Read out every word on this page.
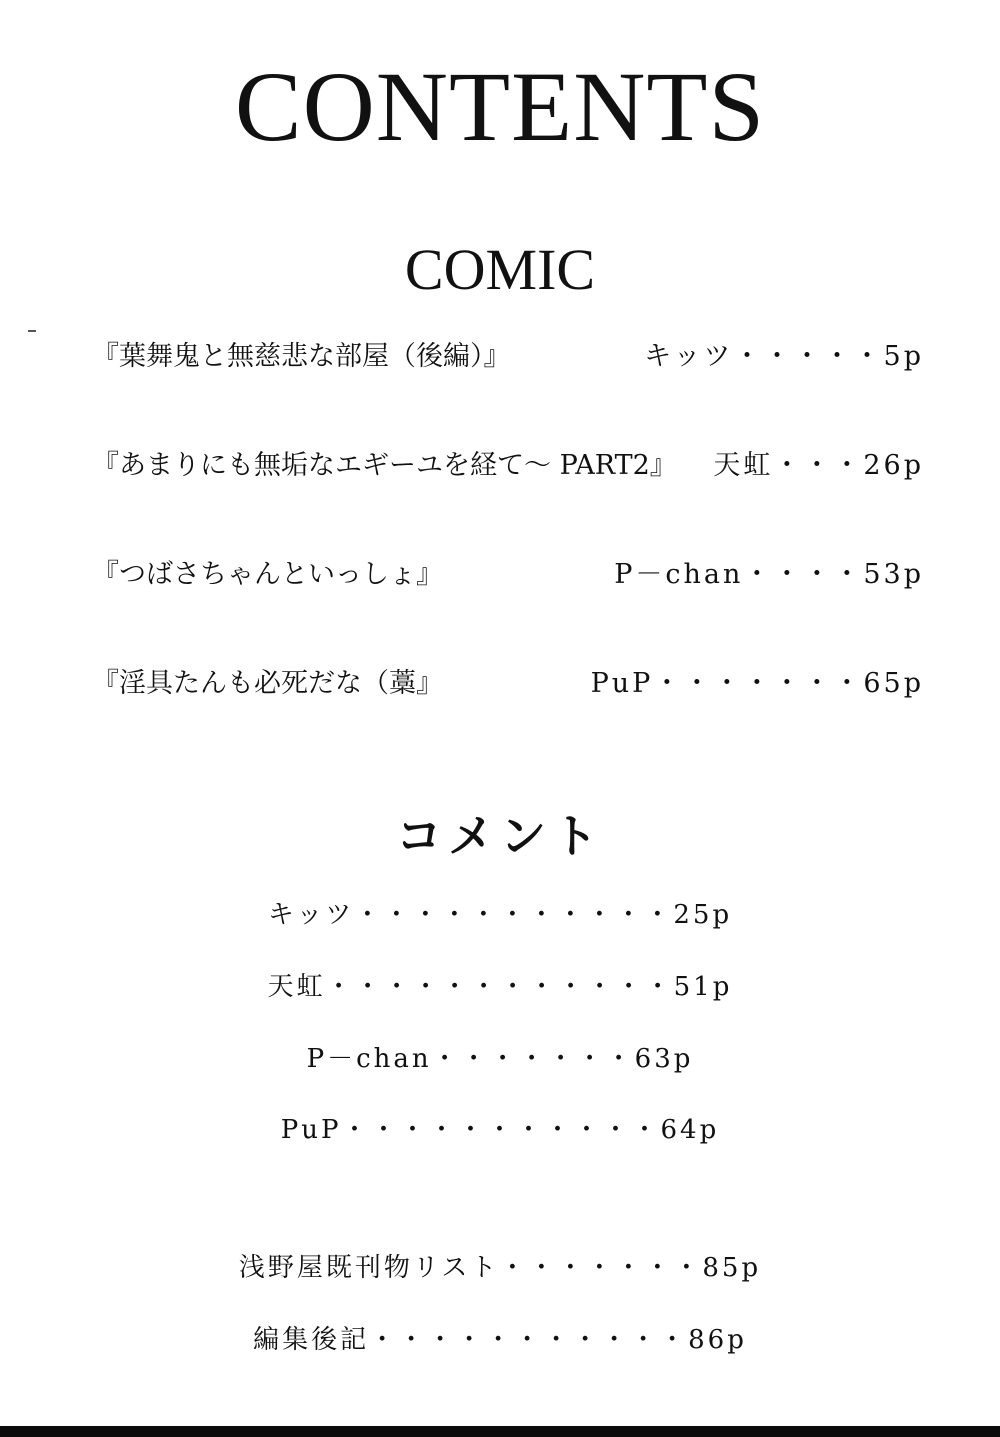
CONTENTS
COMIC
『葉舞鬼と無慈悲な部屋（後編）』	キッツ・・・・・5p
『あまりにも無垢なエギーユを経て～ PART2』 天虹・・・26p
『つばさちゃんといっしょ』	P－chan・・・・53p
『淫具たんも必死だな（藁』	PuP・・・・・・・65p
コメント
キッツ・・・・・・・・・・・25p
天虹・・・・・・・・・・・・51p
P－chan・・・・・・・63p
PuP・・・・・・・・・・・64p
浅野屋既刊物リスト・・・・・・・85p
編集後記・・・・・・・・・・・86p
